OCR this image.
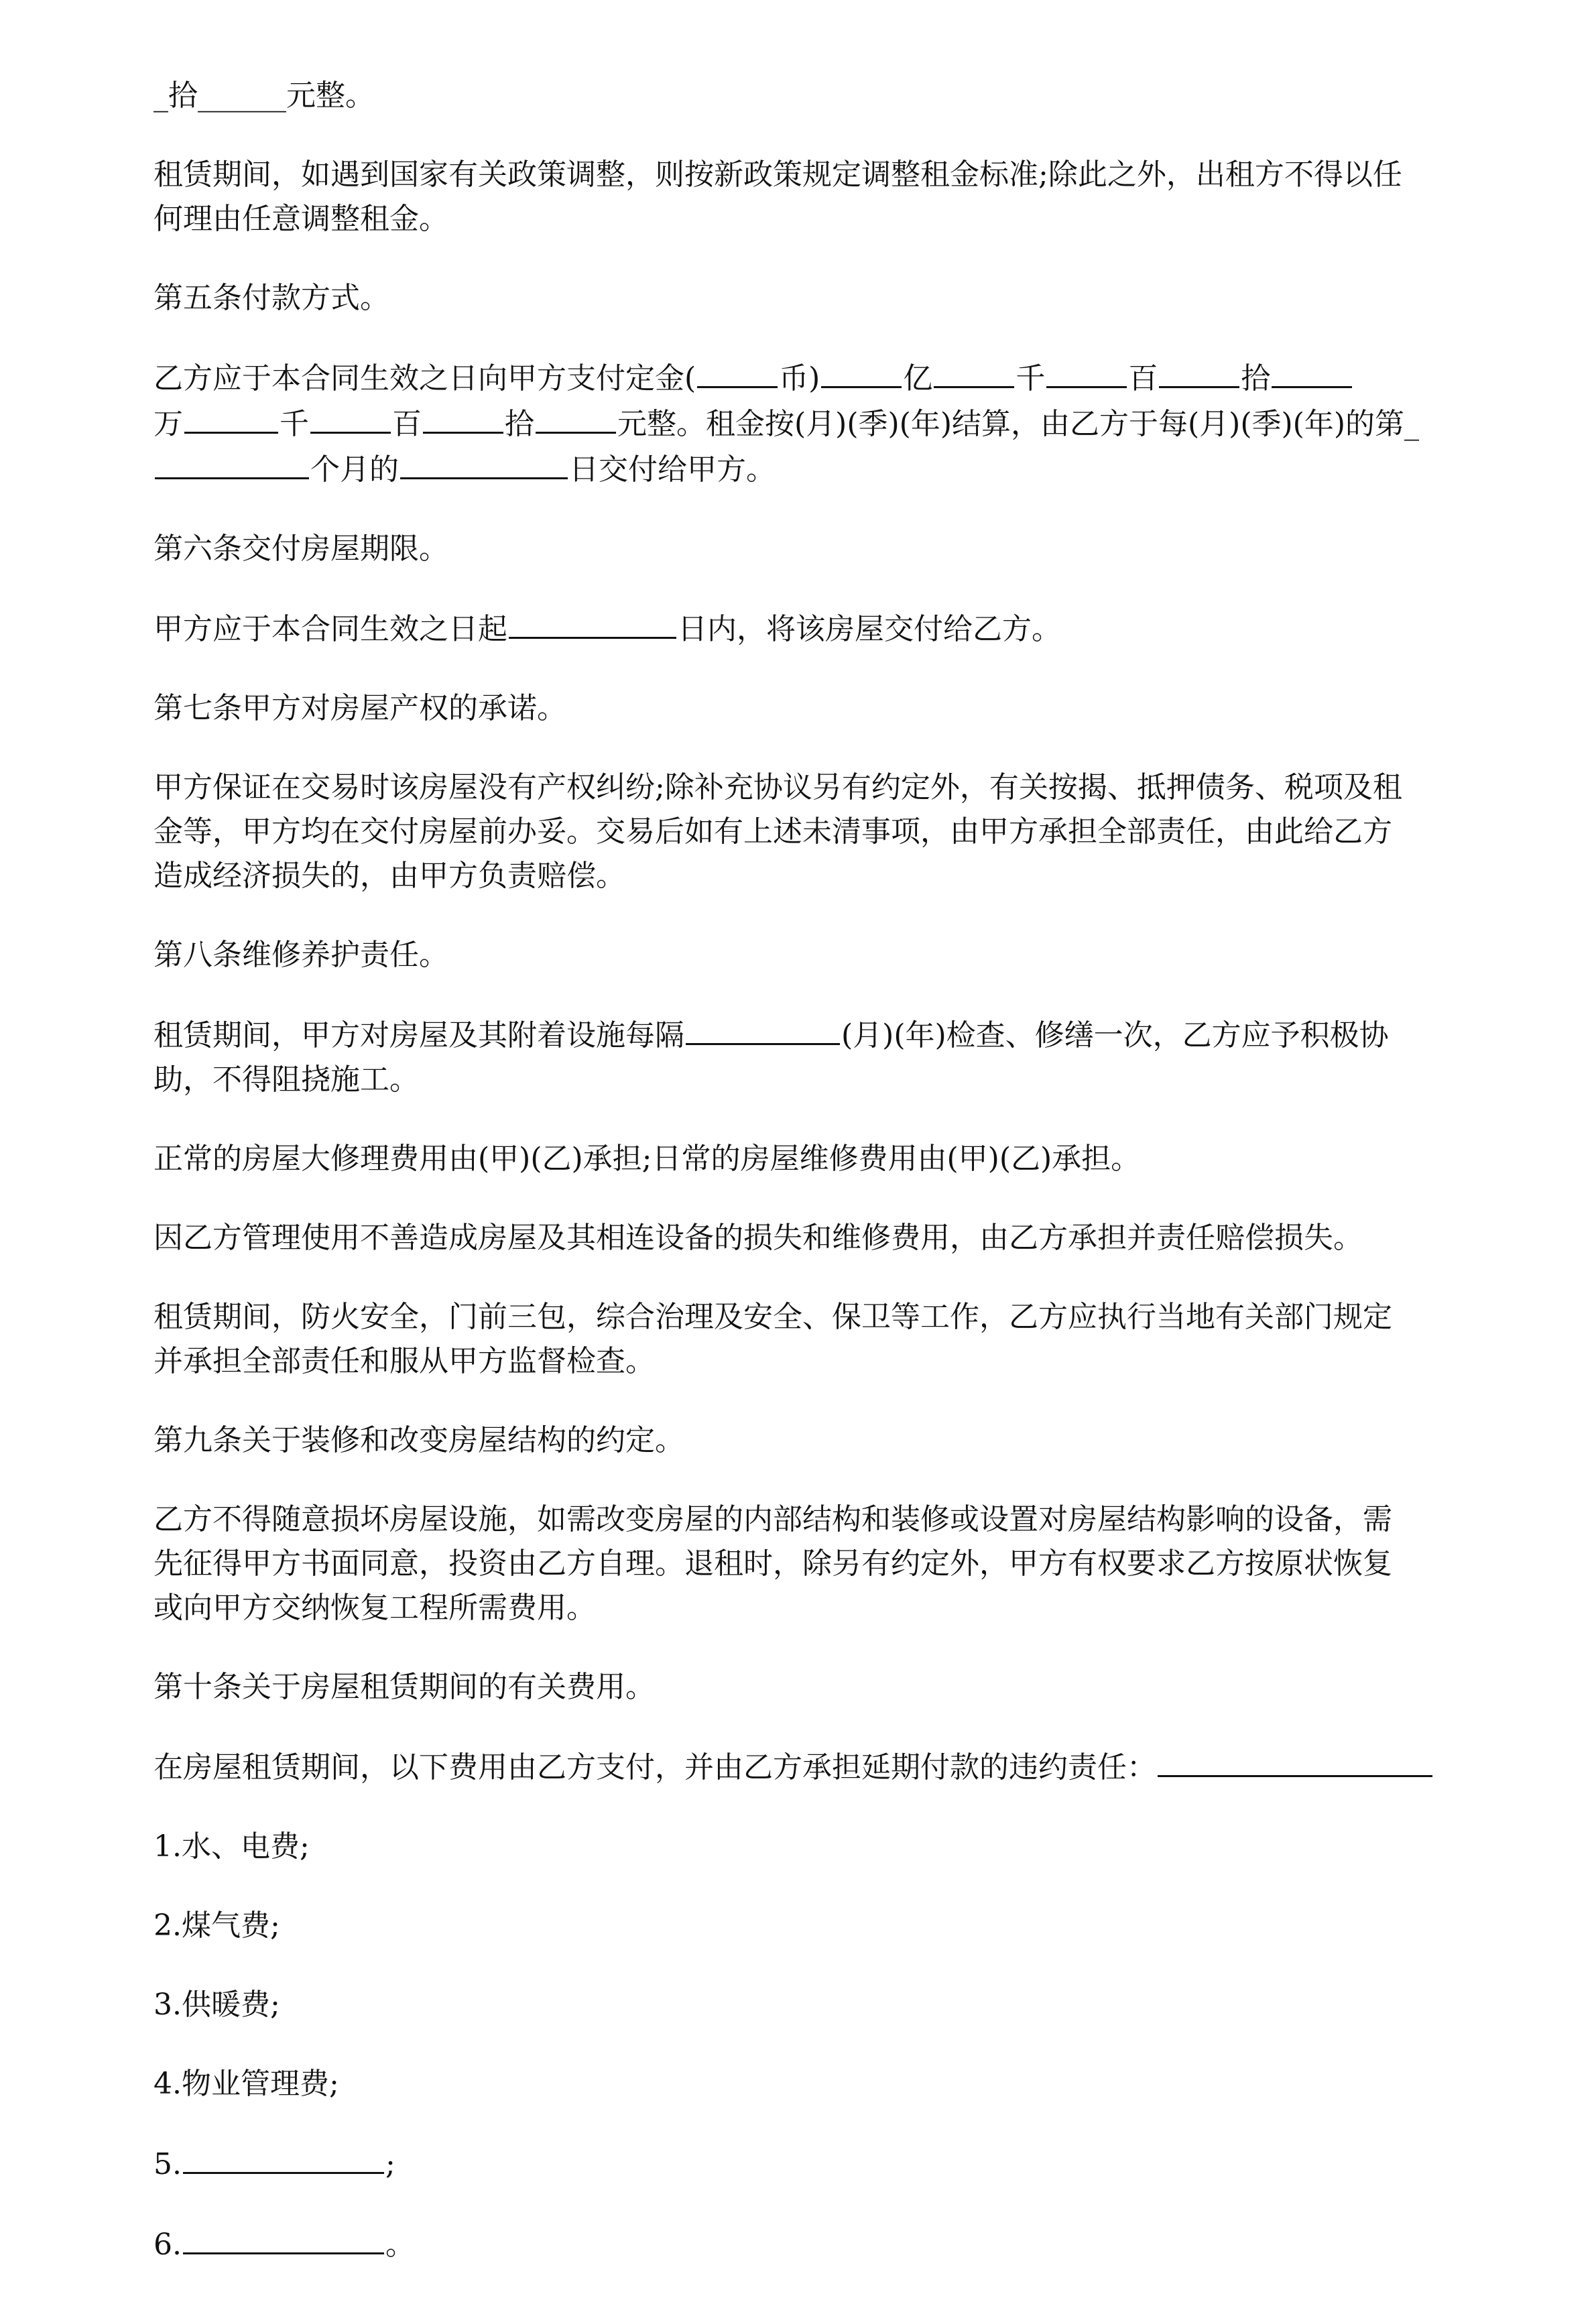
_拾______元整。

租赁期间，如遇到国家有关政策调整，则按新政策规定调整租金标准;除此之外，出租方不得以任
何理由任意调整租金。

第五条付款方式。

乙方应于本合同生效之日向甲方支付定金(	币)	亿	千	百	拾
万	千	百	拾	元整。租金按(月)(季)(年)结算，由乙方于每(月)(季)(年)的第_
个月的	日交付给甲方。

第六条交付房屋期限。

甲方应于本合同生效之日起	日内，将该房屋交付给乙方。

第七条甲方对房屋产权的承诺。

甲方保证在交易时该房屋没有产权纠纷;除补充协议另有约定外，有关按揭、抵押债务、税项及租
金等，甲方均在交付房屋前办妥。交易后如有上述未清事项，由甲方承担全部责任，由此给乙方
造成经济损失的，由甲方负责赔偿。

第八条维修养护责任。

租赁期间，甲方对房屋及其附着设施每隔	(月)(年)检查、修缮一次，乙方应予积极协
助，不得阻挠施工。

正常的房屋大修理费用由(甲)(乙)承担;日常的房屋维修费用由(甲)(乙)承担。

因乙方管理使用不善造成房屋及其相连设备的损失和维修费用，由乙方承担并责任赔偿损失。

租赁期间，防火安全，门前三包，综合治理及安全、保卫等工作，乙方应执行当地有关部门规定
并承担全部责任和服从甲方监督检查。

第九条关于装修和改变房屋结构的约定。

乙方不得随意损坏房屋设施，如需改变房屋的内部结构和装修或设置对房屋结构影响的设备，需
先征得甲方书面同意，投资由乙方自理。退租时，除另有约定外，甲方有权要求乙方按原状恢复
或向甲方交纳恢复工程所需费用。

第十条关于房屋租赁期间的有关费用。

在房屋租赁期间，以下费用由乙方支付，并由乙方承担延期付款的违约责任：

1.水、电费;

2.煤气费;

3.供暖费;

4.物业管理费;

5.	;

6.	。
